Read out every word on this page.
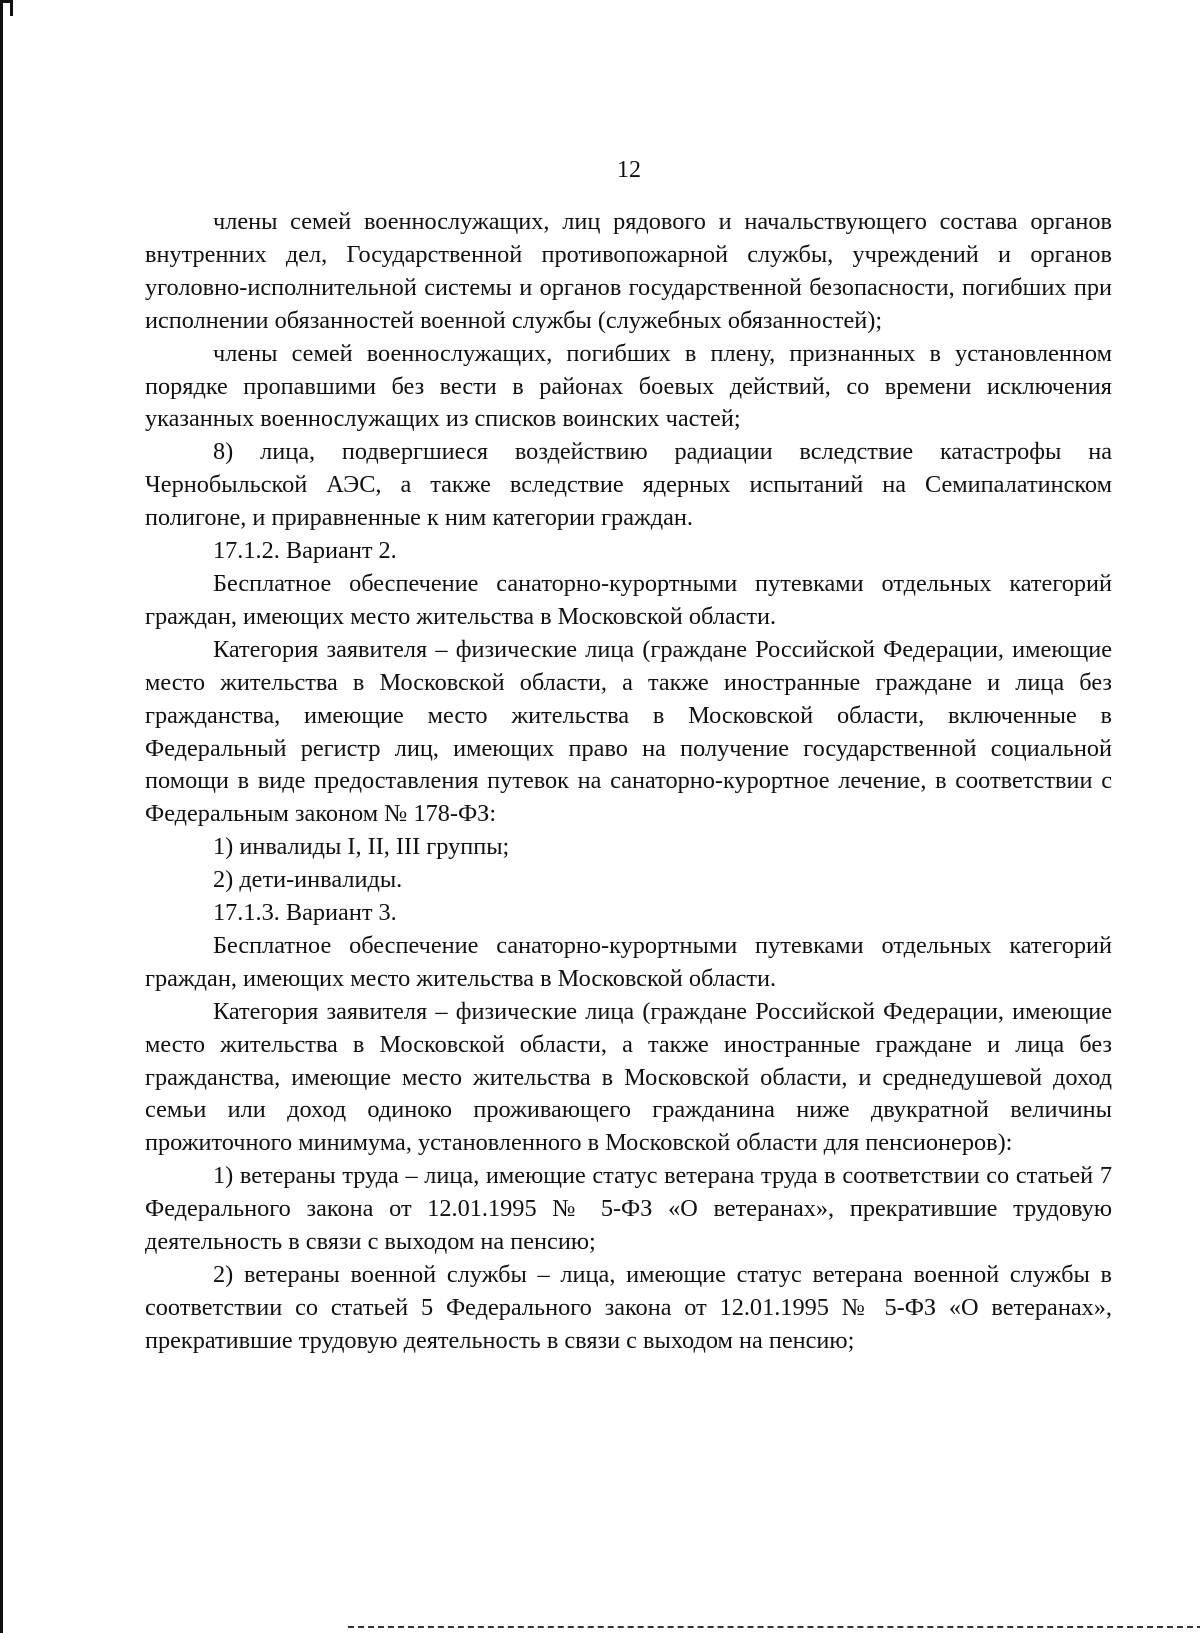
12

члены семей военнослужащих, лиц рядового и начальствующего состава органов внутренних дел, Государственной противопожарной службы, учреждений и органов уголовно-исполнительной системы и органов государственной безопасности, погибших при исполнении обязанностей военной службы (служебных обязанностей);

члены семей военнослужащих, погибших в плену, признанных в установленном порядке пропавшими без вести в районах боевых действий, со времени исключения указанных военнослужащих из списков воинских частей;

8) лица, подвергшиеся воздействию радиации вследствие катастрофы на Чернобыльской АЭС, а также вследствие ядерных испытаний на Семипалатинском полигоне, и приравненные к ним категории граждан.

17.1.2. Вариант 2.

Бесплатное обеспечение санаторно-курортными путевками отдельных категорий граждан, имеющих место жительства в Московской области.

Категория заявителя – физические лица (граждане Российской Федерации, имеющие место жительства в Московской области, а также иностранные граждане и лица без гражданства, имеющие место жительства в Московской области, включенные в Федеральный регистр лиц, имеющих право на получение государственной социальной помощи в виде предоставления путевок на санаторно-курортное лечение, в соответствии с Федеральным законом № 178-ФЗ:

1) инвалиды I, II, III группы;

2) дети-инвалиды.

17.1.3. Вариант 3.

Бесплатное обеспечение санаторно-курортными путевками отдельных категорий граждан, имеющих место жительства в Московской области.

Категория заявителя – физические лица (граждане Российской Федерации, имеющие место жительства в Московской области, а также иностранные граждане и лица без гражданства, имеющие место жительства в Московской области, и среднедушевой доход семьи или доход одиноко проживающего гражданина ниже двукратной величины прожиточного минимума, установленного в Московской области для пенсионеров):

1) ветераны труда – лица, имеющие статус ветерана труда в соответствии со статьей 7 Федерального закона от 12.01.1995 № 5-ФЗ «О ветеранах», прекратившие трудовую деятельность в связи с выходом на пенсию;

2) ветераны военной службы – лица, имеющие статус ветерана военной службы в соответствии со статьей 5 Федерального закона от 12.01.1995 № 5-ФЗ «О ветеранах», прекратившие трудовую деятельность в связи с выходом на пенсию;
